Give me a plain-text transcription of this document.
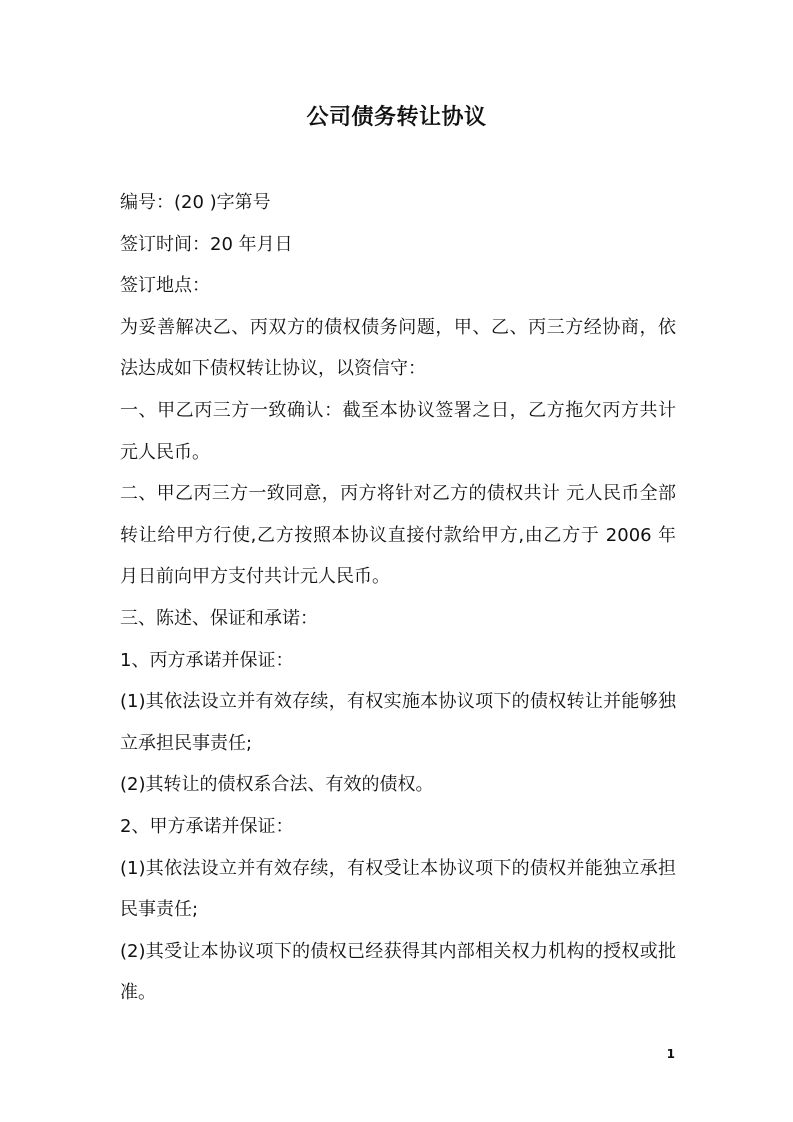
公司债务转让协议

编号：(20 )字第号

签订时间：20 年月日

签订地点：

为妥善解决乙、丙双方的债权债务问题，甲、乙、丙三方经协商，依法达成如下债权转让协议，以资信守：

一、甲乙丙三方一致确认：截至本协议签署之日，乙方拖欠丙方共计元人民币。

二、甲乙丙三方一致同意，丙方将针对乙方的债权共计 元人民币全部转让给甲方行使,乙方按照本协议直接付款给甲方,由乙方于 2006 年 月日前向甲方支付共计元人民币。

三、陈述、保证和承诺：

1、丙方承诺并保证：

(1)其依法设立并有效存续，有权实施本协议项下的债权转让并能够独立承担民事责任;

(2)其转让的债权系合法、有效的债权。

2、甲方承诺并保证：

(1)其依法设立并有效存续，有权受让本协议项下的债权并能独立承担民事责任;

(2)其受让本协议项下的债权已经获得其内部相关权力机构的授权或批准。

1
